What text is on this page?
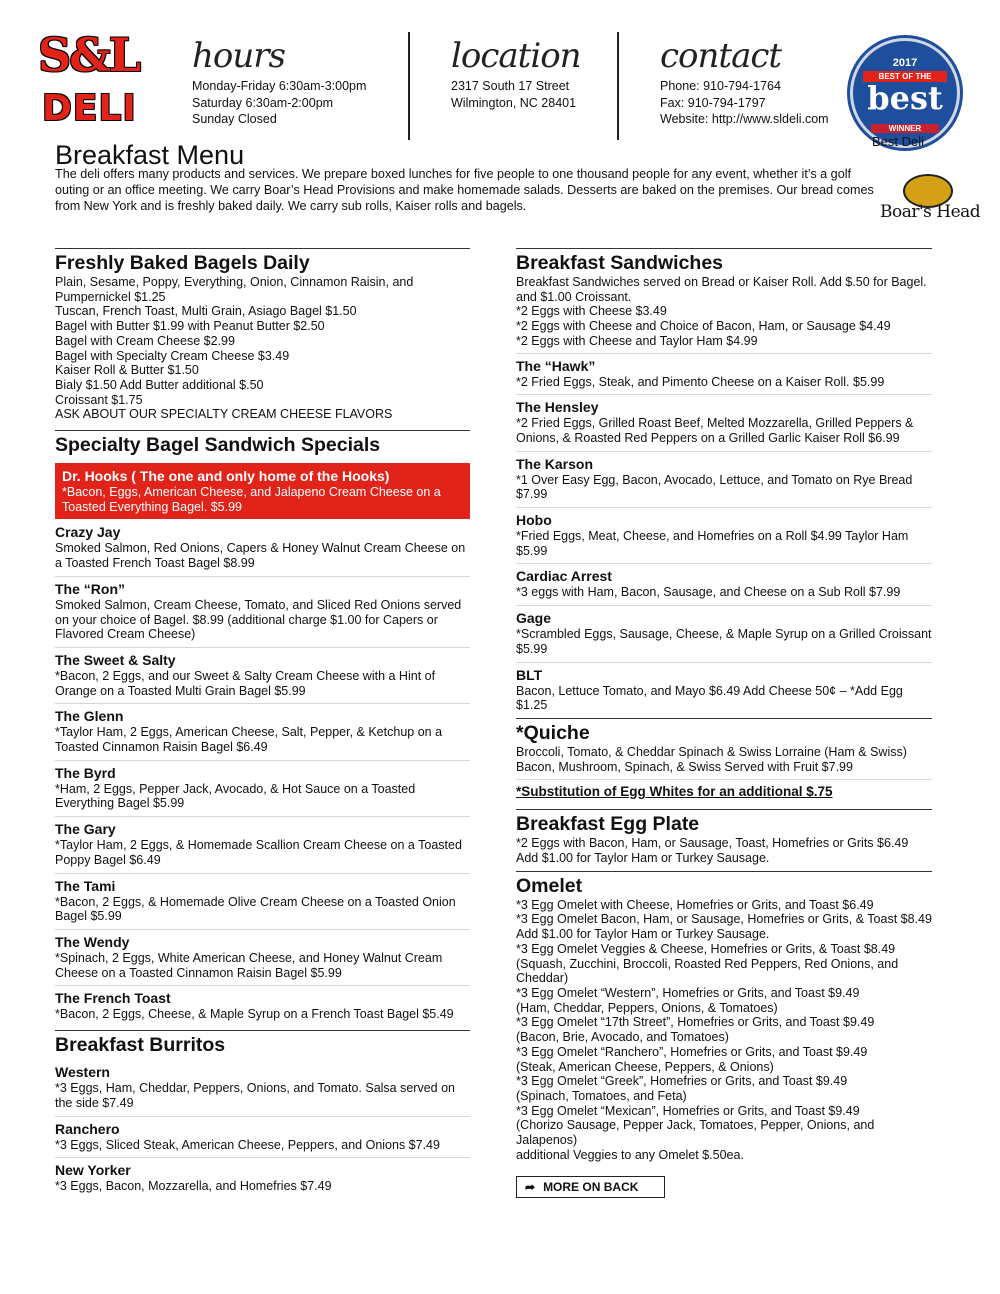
S&L
DELI
hours
Monday-Friday 6:30am-3:00pm
Saturday 6:30am-2:00pm
Sunday Closed
location
2317 South 17 Street
Wilmington, NC 28401
contact
Phone: 910-794-1764
Fax: 910-794-1797
Website: http://www.sldeli.com
2017
BEST OF THE
best
WINNER
Best Deli
Breakfast Menu
The deli offers many products and services. We prepare boxed lunches for five people to one thousand people for any event, whether it’s a golf outing or an office meeting. We carry Boar’s Head Provisions and make homemade salads. Desserts are baked on the premises. Our bread comes from New York and is freshly baked daily. We carry sub rolls, Kaiser rolls and bagels.	Boar's Head
Freshly Baked Bagels Daily
Plain, Sesame, Poppy, Everything, Onion, Cinnamon Raisin, and Pumpernickel $1.25
Tuscan, French Toast, Multi Grain, Asiago Bagel $1.50
Bagel with Butter $1.99 with Peanut Butter $2.50
Bagel with Cream Cheese $2.99
Bagel with Specialty Cream Cheese $3.49
Kaiser Roll & Butter $1.50
Bialy $1.50 Add Butter additional $.50
Croissant $1.75
ASK ABOUT OUR SPECIALTY CREAM CHEESE FLAVORS
Specialty Bagel Sandwich Specials
Dr. Hooks ( The one and only home of the Hooks)
*Bacon, Eggs, American Cheese, and Jalapeno Cream Cheese on a Toasted Everything Bagel. $5.99
Crazy Jay
Smoked Salmon, Red Onions, Capers & Honey Walnut Cream Cheese on a Toasted French Toast Bagel $8.99
The “Ron”
Smoked Salmon, Cream Cheese, Tomato, and Sliced Red Onions served on your choice of Bagel. $8.99 (additional charge $1.00 for Capers or Flavored Cream Cheese)
The Sweet & Salty
*Bacon, 2 Eggs, and our Sweet & Salty Cream Cheese with a Hint of Orange on a Toasted Multi Grain Bagel $5.99
The Glenn
*Taylor Ham, 2 Eggs, American Cheese, Salt, Pepper, & Ketchup on a Toasted Cinnamon Raisin Bagel $6.49
The Byrd
*Ham, 2 Eggs, Pepper Jack, Avocado, & Hot Sauce on a Toasted Everything Bagel $5.99
The Gary
*Taylor Ham, 2 Eggs, & Homemade Scallion Cream Cheese on a Toasted Poppy Bagel $6.49
The Tami
*Bacon, 2 Eggs, & Homemade Olive Cream Cheese on a Toasted Onion Bagel $5.99
The Wendy
*Spinach, 2 Eggs, White American Cheese, and Honey Walnut Cream Cheese on a Toasted Cinnamon Raisin Bagel $5.99
The French Toast
*Bacon, 2 Eggs, Cheese, & Maple Syrup on a French Toast Bagel $5.49
Breakfast Burritos
Western
*3 Eggs, Ham, Cheddar, Peppers, Onions, and Tomato. Salsa served on the side $7.49
Ranchero
*3 Eggs, Sliced Steak, American Cheese, Peppers, and Onions $7.49
New Yorker
*3 Eggs, Bacon, Mozzarella, and Homefries $7.49
Breakfast Sandwiches
Breakfast Sandwiches served on Bread or Kaiser Roll. Add $.50 for Bagel. and $1.00 Croissant.
*2 Eggs with Cheese $3.49
*2 Eggs with Cheese and Choice of Bacon, Ham, or Sausage $4.49
*2 Eggs with Cheese and Taylor Ham $4.99
The “Hawk”
*2 Fried Eggs, Steak, and Pimento Cheese on a Kaiser Roll. $5.99
The Hensley
*2 Fried Eggs, Grilled Roast Beef, Melted Mozzarella, Grilled Peppers & Onions, & Roasted Red Peppers on a Grilled Garlic Kaiser Roll $6.99
The Karson
*1 Over Easy Egg, Bacon, Avocado, Lettuce, and Tomato on Rye Bread $7.99
Hobo
*Fried Eggs, Meat, Cheese, and Homefries on a Roll $4.99 Taylor Ham $5.99
Cardiac Arrest
*3 eggs with Ham, Bacon, Sausage, and Cheese on a Sub Roll $7.99
Gage
*Scrambled Eggs, Sausage, Cheese, & Maple Syrup on a Grilled Croissant $5.99
BLT
Bacon, Lettuce Tomato, and Mayo $6.49 Add Cheese 50¢ – *Add Egg $1.25
*Quiche
Broccoli, Tomato, & Cheddar Spinach & Swiss Lorraine (Ham & Swiss) Bacon, Mushroom, Spinach, & Swiss Served with Fruit $7.99
*Substitution of Egg Whites for an additional $.75
Breakfast Egg Plate
*2 Eggs with Bacon, Ham, or Sausage, Toast, Homefries or Grits $6.49 Add $1.00 for Taylor Ham or Turkey Sausage.
Omelet
*3 Egg Omelet with Cheese, Homefries or Grits, and Toast $6.49
*3 Egg Omelet Bacon, Ham, or Sausage, Homefries or Grits, & Toast $8.49 Add $1.00 for Taylor Ham or Turkey Sausage.
*3 Egg Omelet Veggies & Cheese, Homefries or Grits, & Toast $8.49 (Squash, Zucchini, Broccoli, Roasted Red Peppers, Red Onions, and Cheddar)
*3 Egg Omelet “Western”, Homefries or Grits, and Toast $9.49
(Ham, Cheddar, Peppers, Onions, & Tomatoes)
*3 Egg Omelet “17th Street”, Homefries or Grits, and Toast $9.49
(Bacon, Brie, Avocado, and Tomatoes)
*3 Egg Omelet “Ranchero”, Homefries or Grits, and Toast $9.49
(Steak, American Cheese, Peppers, & Onions)
*3 Egg Omelet “Greek”, Homefries or Grits, and Toast $9.49
(Spinach, Tomatoes, and Feta)
*3 Egg Omelet “Mexican”, Homefries or Grits, and Toast $9.49
(Chorizo Sausage, Pepper Jack, Tomatoes, Pepper, Onions, and Jalapenos)
additional Veggies to any Omelet $.50ea.
➦ MORE ON BACK
